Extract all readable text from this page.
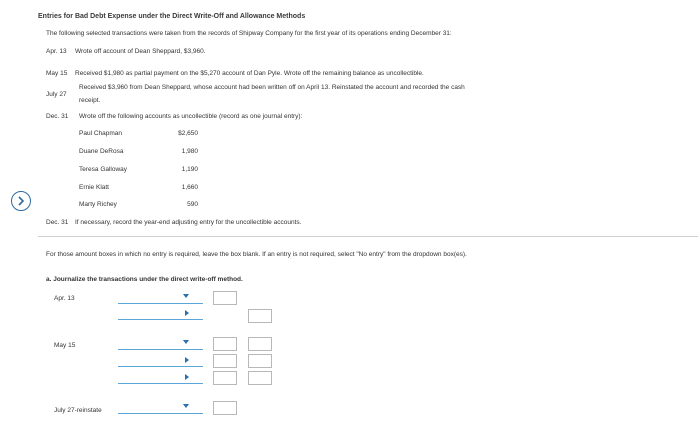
Entries for Bad Debt Expense under the Direct Write-Off and Allowance Methods
The following selected transactions were taken from the records of Shipway Company for the first year of its operations ending December 31:
Apr. 13 Wrote off account of Dean Sheppard, $3,960.
May 15 Received $1,980 as partial payment on the $5,270 account of Dan Pyle. Wrote off the remaining balance as uncollectible.
July 27
Received $3,960 from Dean Sheppard, whose account had been written off on April 13. Reinstated the account and recorded the cash
receipt.
Dec. 31 Wrote off the following accounts as uncollectible (record as one journal entry):
Paul Chapman	$2,650
Duane DeRosa	1,980
Teresa Galloway	1,190
Ernie Klatt	1,660
Marty Richey	590
Dec. 31 If necessary, record the year-end adjusting entry for the uncollectible accounts.
For those amount boxes in which no entry is required, leave the box blank. If an entry is not required, select "No entry" from the dropdown box(es).
a. Journalize the transactions under the direct write-off method.
Apr. 13
May 15
July 27-reinstate
